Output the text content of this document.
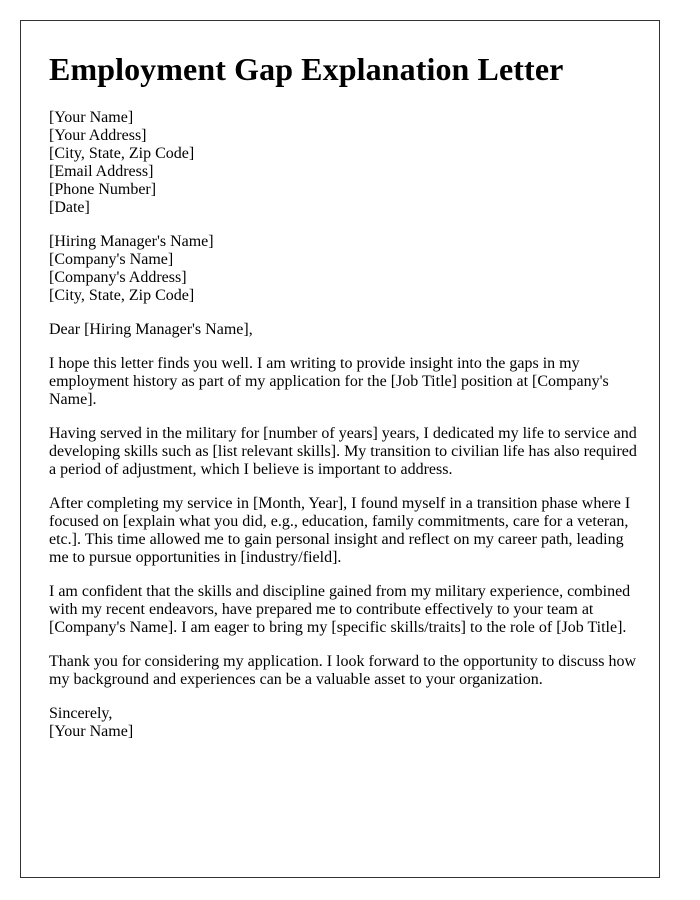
Employment Gap Explanation Letter
[Your Name]
[Your Address]
[City, State, Zip Code]
[Email Address]
[Phone Number]
[Date]
[Hiring Manager's Name]
[Company's Name]
[Company's Address]
[City, State, Zip Code]

Dear [Hiring Manager's Name],

I hope this letter finds you well. I am writing to provide insight into the gaps in my employment history as part of my application for the [Job Title] position at [Company's Name].

Having served in the military for [number of years] years, I dedicated my life to service and developing skills such as [list relevant skills]. My transition to civilian life has also required a period of adjustment, which I believe is important to address.

After completing my service in [Month, Year], I found myself in a transition phase where I focused on [explain what you did, e.g., education, family commitments, care for a veteran, etc.]. This time allowed me to gain personal insight and reflect on my career path, leading me to pursue opportunities in [industry/field].

I am confident that the skills and discipline gained from my military experience, combined with my recent endeavors, have prepared me to contribute effectively to your team at [Company's Name]. I am eager to bring my [specific skills/traits] to the role of [Job Title].

Thank you for considering my application. I look forward to the opportunity to discuss how my background and experiences can be a valuable asset to your organization.

Sincerely,
[Your Name]
